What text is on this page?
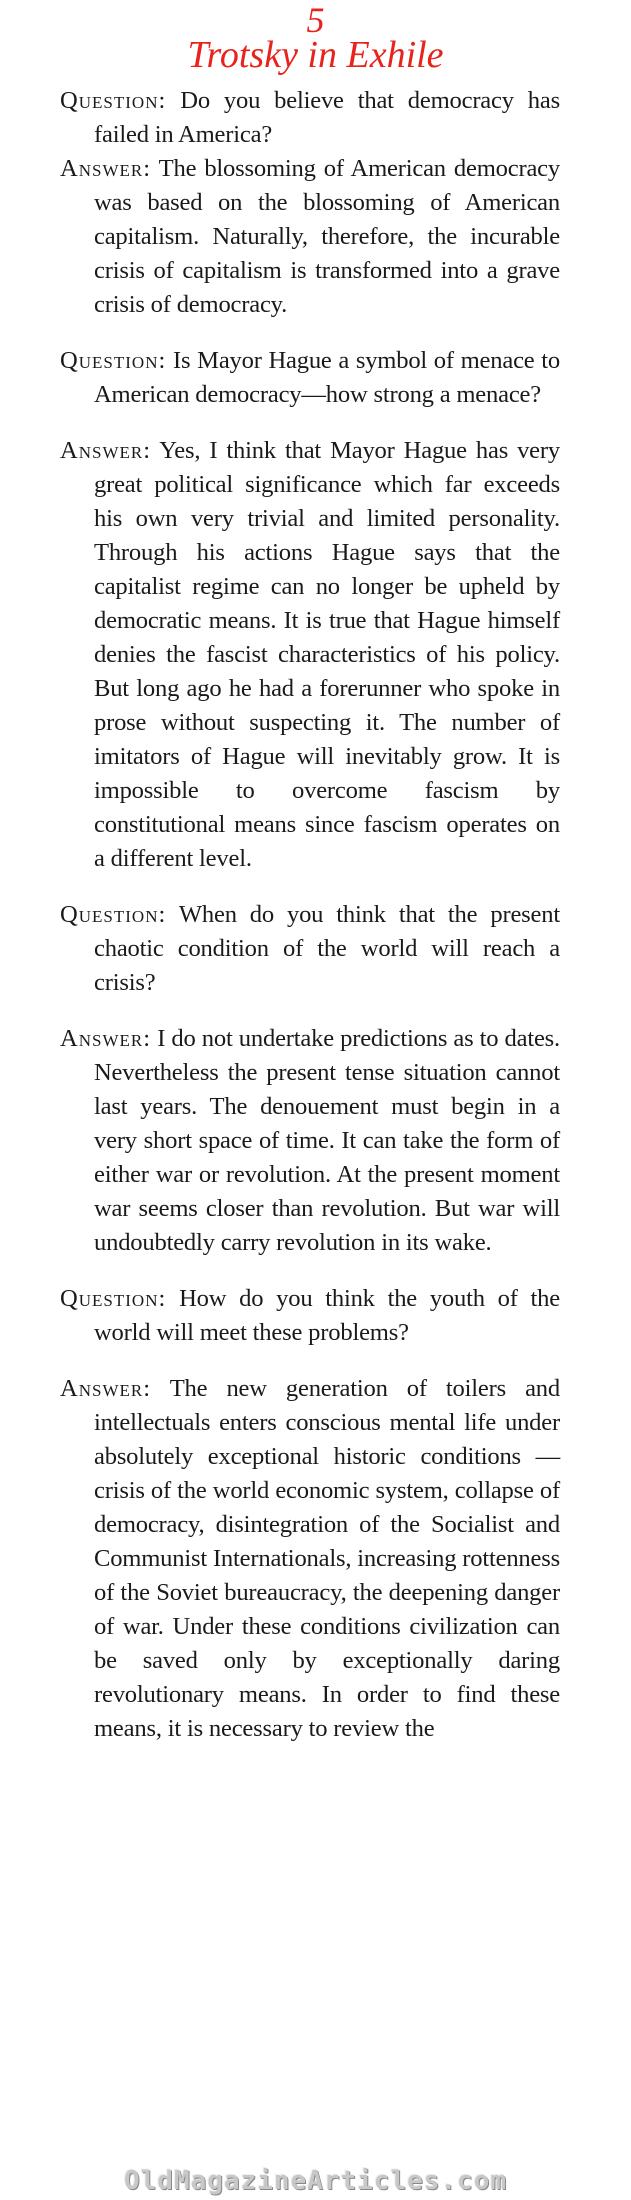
5
Trotsky in Exhile

Question: Do you believe that democracy has failed in America?

Answer: The blossoming of American democracy was based on the blossoming of American capitalism. Naturally, therefore, the incurable crisis of capitalism is transformed into a grave crisis of democracy.

Question: Is Mayor Hague a symbol of menace to American democracy—how strong a menace?

Answer: Yes, I think that Mayor Hague has very great political significance which far exceeds his own very trivial and limited personality. Through his actions Hague says that the capitalist regime can no longer be upheld by democratic means. It is true that Hague himself denies the fascist characteristics of his policy. But long ago he had a forerunner who spoke in prose without suspecting it. The number of imitators of Hague will inevitably grow. It is impossible to overcome fascism by constitutional means since fascism operates on a different level.

Question: When do you think that the present chaotic condition of the world will reach a crisis?

Answer: I do not undertake predictions as to dates. Nevertheless the present tense situation cannot last years. The denouement must begin in a very short space of time. It can take the form of either war or revolution. At the present moment war seems closer than revolution. But war will undoubtedly carry revolution in its wake.

Question: How do you think the youth of the world will meet these problems?

Answer: The new generation of toilers and intellectuals enters conscious mental life under absolutely exceptional historic conditions — crisis of the world economic system, collapse of democracy, disintegration of the Socialist and Communist Internationals, increasing rottenness of the Soviet bureaucracy, the deepening danger of war. Under these conditions civilization can be saved only by exceptionally daring revolutionary means. In order to find these means, it is necessary to review the

OldMagazineArticles.com
